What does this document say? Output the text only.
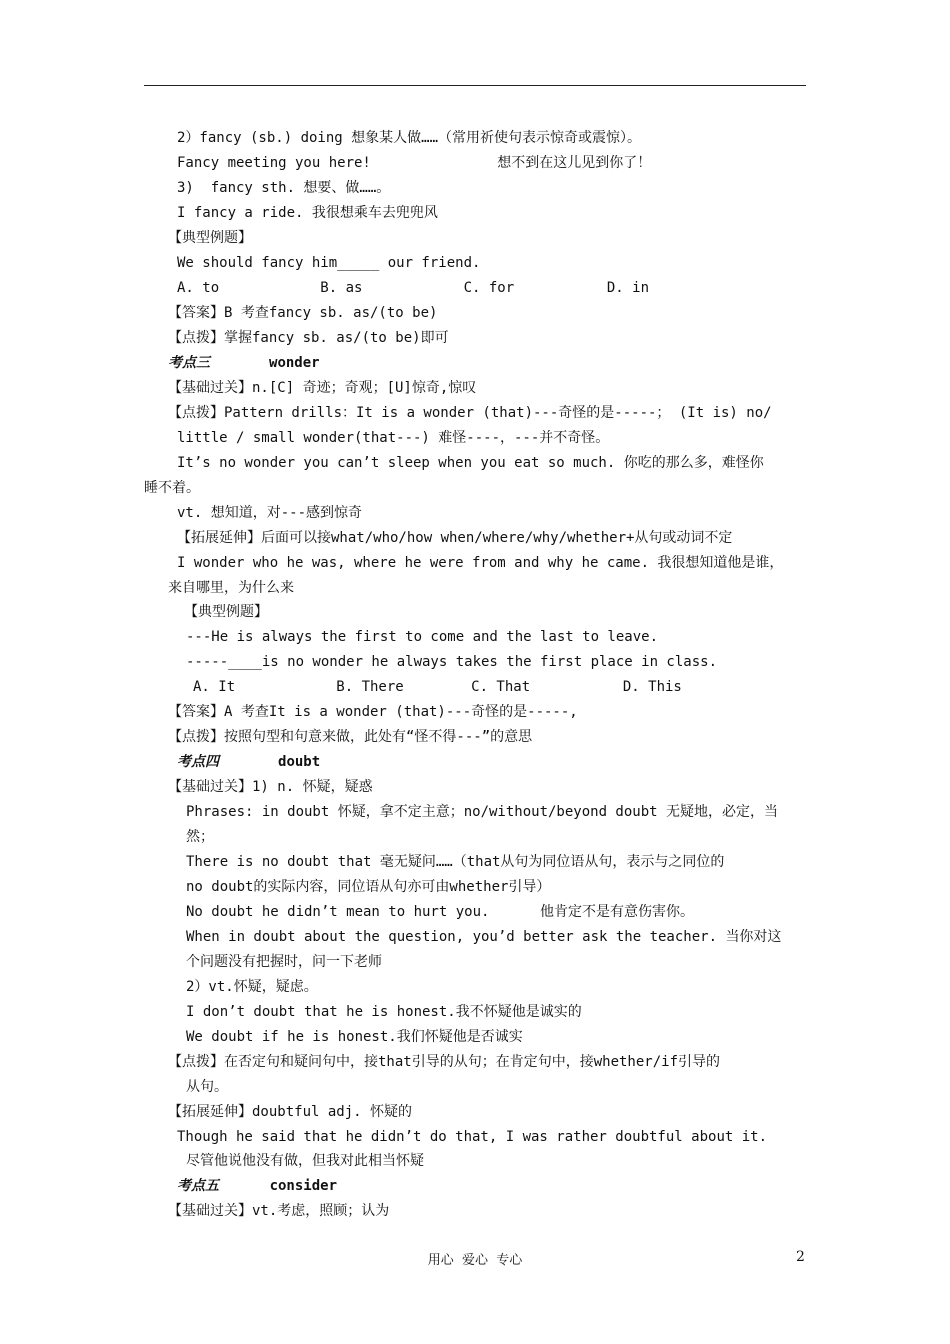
2）fancy (sb.) doing 想象某人做……（常用祈使句表示惊奇或震惊）。
Fancy meeting you here!               想不到在这儿见到你了！
3)  fancy sth. 想要、做……。
I fancy a ride. 我很想乘车去兜兜风
【典型例题】
We should fancy him_____ our friend.
A. to            B. as            C. for           D. in
【答案】B 考查fancy sb. as/(to be)
【点拨】掌握fancy sb. as/(to be)即可
考点三	wonder
【基础过关】n.[C] 奇迹；奇观；[U]惊奇,惊叹
【点拨】Pattern drills：It is a wonder (that)---奇怪的是-----； (It is) no/
little / small wonder(that---) 难怪----，---并不奇怪。
It’s no wonder you can’t sleep when you eat so much. 你吃的那么多，难怪你
睡不着。
vt. 想知道，对---感到惊奇
【拓展延伸】后面可以接what/who/how when/where/why/whether+从句或动词不定
I wonder who he was, where he were from and why he came. 我很想知道他是谁，
来自哪里，为什么来
【典型例题】
---He is always the first to come and the last to leave.
-----____is no wonder he always takes the first place in class.
A. It            B. There        C. That           D. This
【答案】A 考查It is a wonder (that)---奇怪的是-----,
【点拨】按照句型和句意来做，此处有“怪不得---”的意思
考点四	doubt
【基础过关】1) n. 怀疑，疑惑
Phrases: in doubt 怀疑，拿不定主意；no/without/beyond doubt 无疑地，必定，当
然；
There is no doubt that 毫无疑问……（that从句为同位语从句，表示与之同位的
no doubt的实际内容，同位语从句亦可由whether引导）
No doubt he didn’t mean to hurt you.      他肯定不是有意伤害你。
When in doubt about the question, you’d better ask the teacher. 当你对这
个问题没有把握时，问一下老师
2）vt.怀疑，疑虑。
I don’t doubt that he is honest.我不怀疑他是诚实的
We doubt if he is honest.我们怀疑他是否诚实
【点拨】在否定句和疑问句中，接that引导的从句；在肯定句中，接whether/if引导的
从句。
【拓展延伸】doubtful adj. 怀疑的
Though he said that he didn’t do that, I was rather doubtful about it.
尽管他说他没有做，但我对此相当怀疑
考点五	consider
【基础过关】vt.考虑，照顾；认为
用心  爱心  专心	2
